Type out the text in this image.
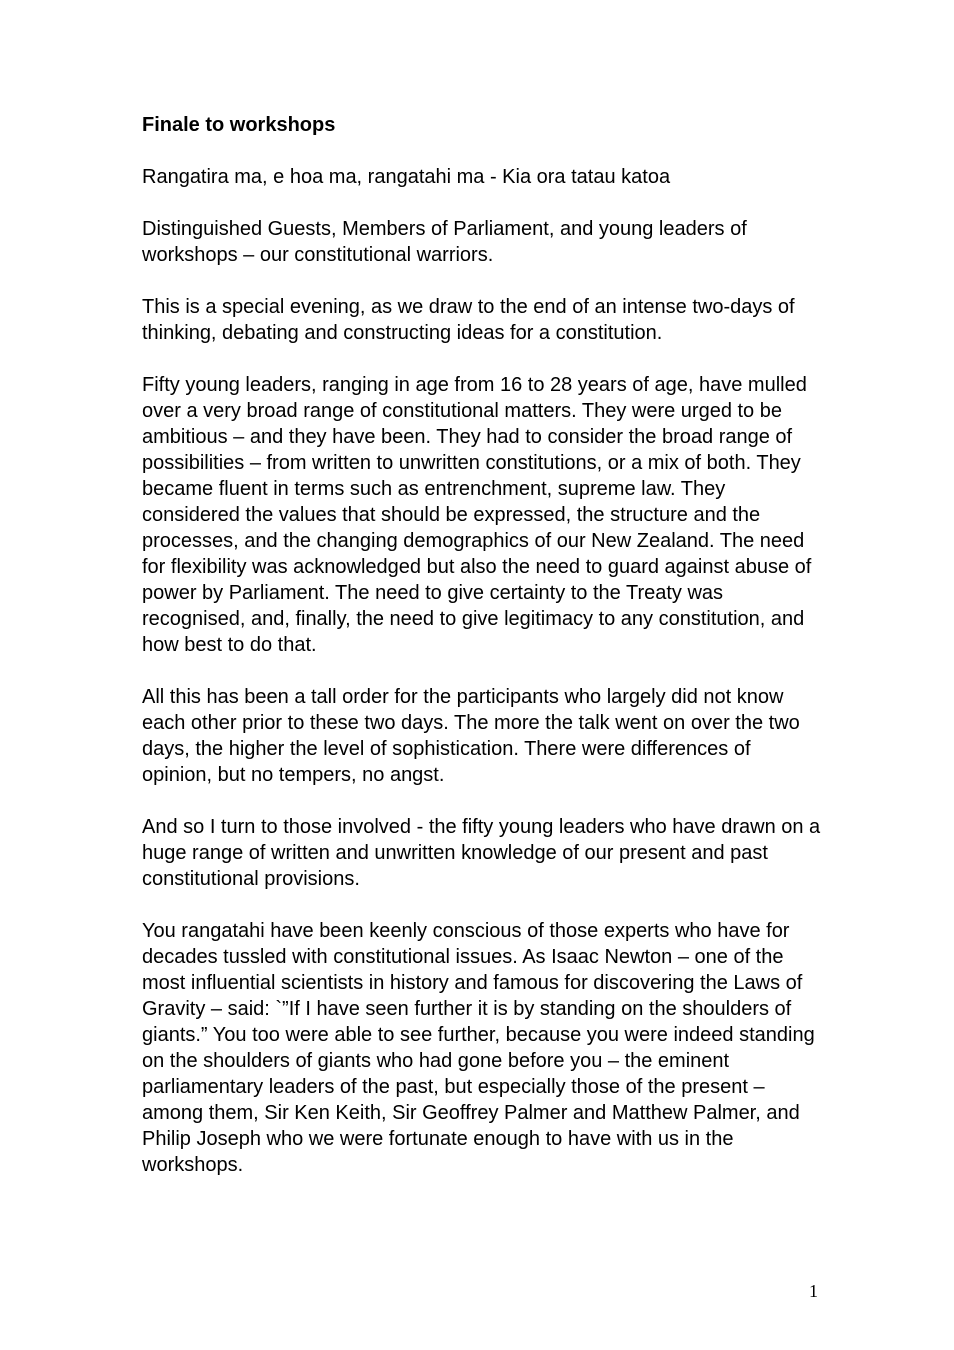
Finale to workshops

Rangatira ma, e hoa ma, rangatahi ma - Kia ora tatau katoa

Distinguished Guests, Members of Parliament, and young leaders of workshops – our constitutional warriors.

This is a special evening, as we draw to the end of an intense two-days of thinking, debating and constructing ideas for a constitution.

Fifty young leaders, ranging in age from 16 to 28 years of age, have mulled over a very broad range of constitutional matters. They were urged to be ambitious – and they have been. They had to consider the broad range of possibilities – from written to unwritten constitutions, or a mix of both. They became fluent in terms such as entrenchment, supreme law. They considered the values that should be expressed, the structure and the processes, and the changing demographics of our New Zealand. The need for flexibility was acknowledged but also the need to guard against abuse of power by Parliament. The need to give certainty to the Treaty was recognised, and, finally, the need to give legitimacy to any constitution, and how best to do that.

All this has been a tall order for the participants who largely did not know each other prior to these two days. The more the talk went on over the two days, the higher the level of sophistication. There were differences of opinion, but no tempers, no angst.

And so I turn to those involved - the fifty young leaders who have drawn on a huge range of written and unwritten knowledge of our present and past constitutional provisions.

You rangatahi have been keenly conscious of those experts who have for decades tussled with constitutional issues. As Isaac Newton – one of the most influential scientists in history and famous for discovering the Laws of Gravity – said: `”If I have seen further it is by standing on the shoulders of giants.” You too were able to see further, because you were indeed standing on the shoulders of giants who had gone before you – the eminent parliamentary leaders of the past, but especially those of the present – among them, Sir Ken Keith, Sir Geoffrey Palmer and Matthew Palmer, and Philip Joseph who we were fortunate enough to have with us in the workshops.

1
